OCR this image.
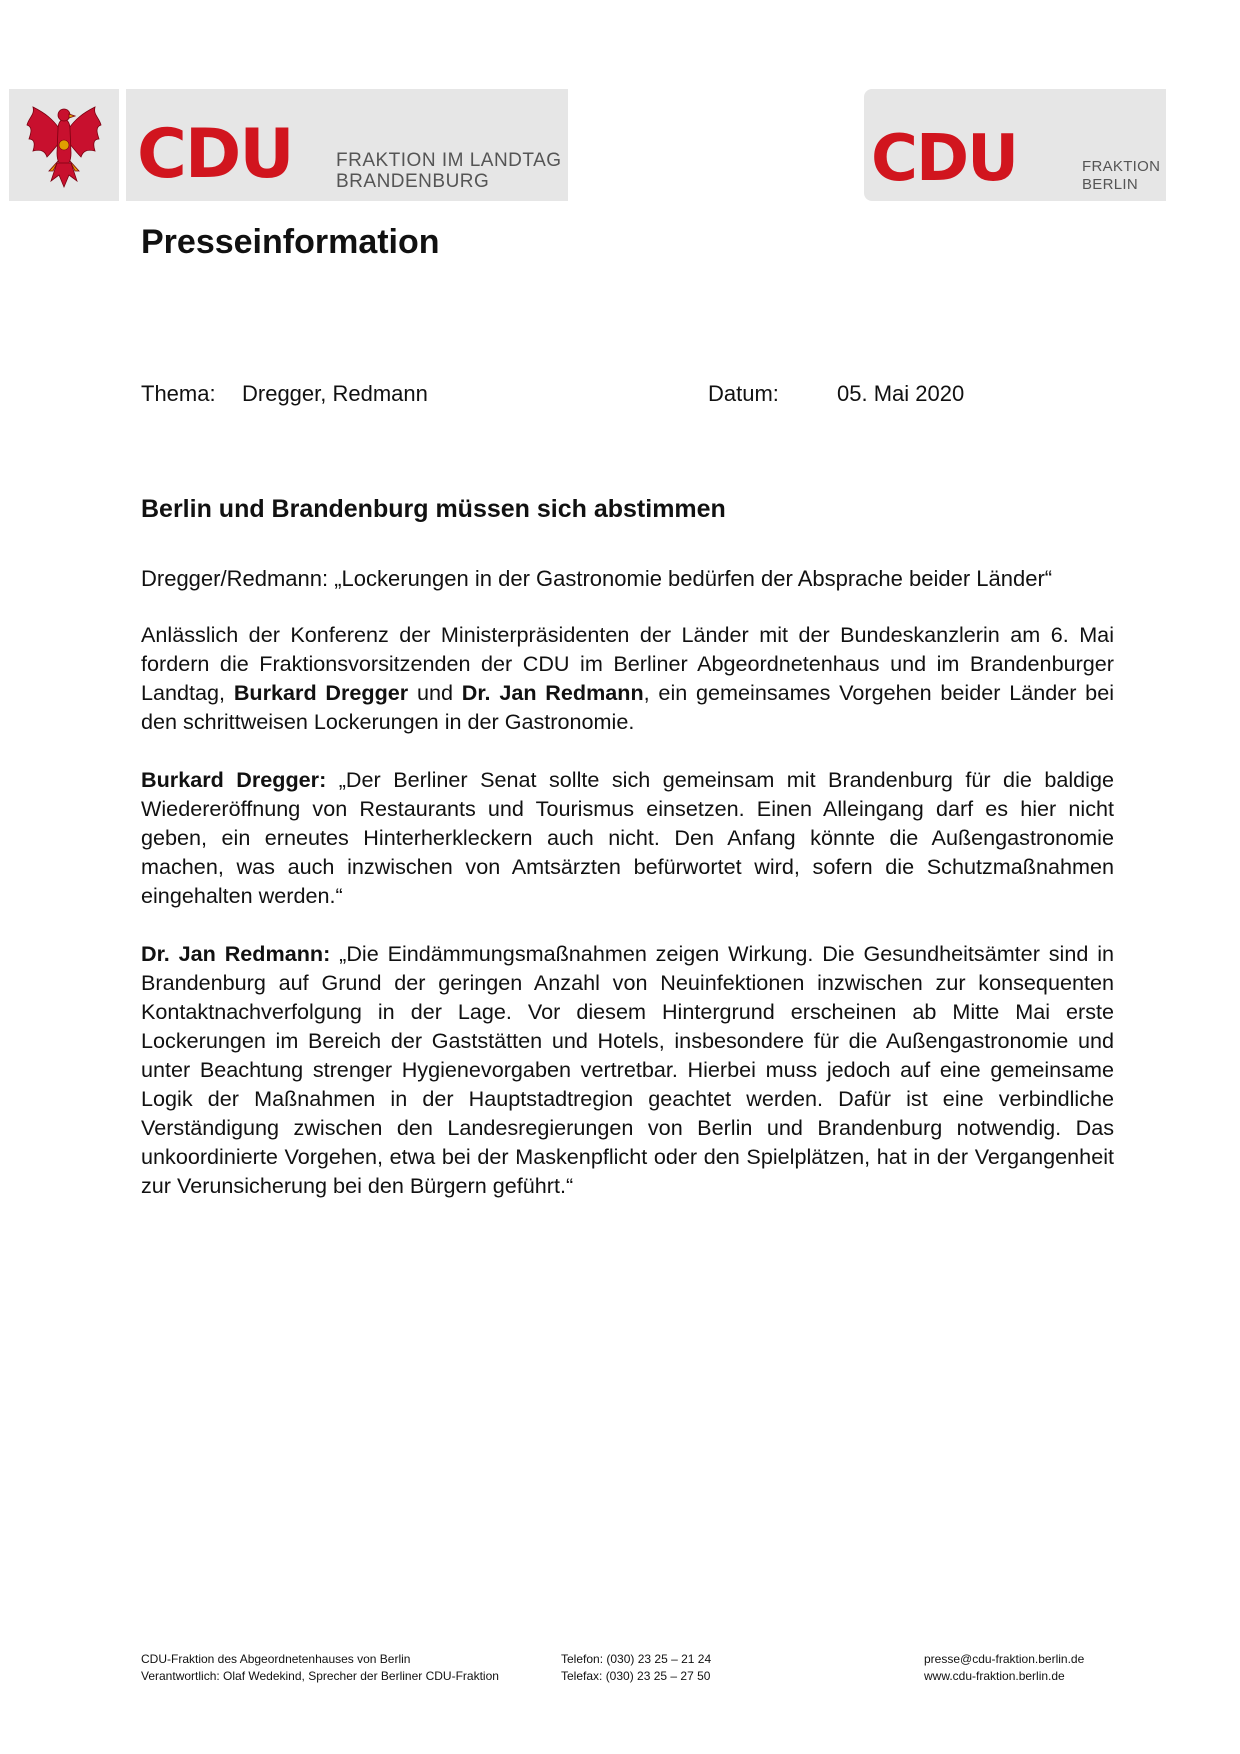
CDU FRAKTION IM LANDTAG
BRANDENBURG	CDU	FRAKTION
BERLIN
Presseinformation
Thema: Dregger, Redmann	Datum:	05. Mai 2020
Berlin und Brandenburg müssen sich abstimmen

Dregger/Redmann: „Lockerungen in der Gastronomie bedürfen der Absprache beider Länder“

Anlässlich der Konferenz der Ministerpräsidenten der Länder mit der Bundeskanzlerin am 6. Mai fordern die Fraktionsvorsitzenden der CDU im Berliner Abgeordnetenhaus und im Brandenburger Landtag, Burkard Dregger und Dr. Jan Redmann, ein gemeinsames Vorgehen beider Länder bei den schrittweisen Lockerungen in der Gastronomie.

Burkard Dregger: „Der Berliner Senat sollte sich gemeinsam mit Brandenburg für die baldige Wiedereröffnung von Restaurants und Tourismus einsetzen. Einen Alleingang darf es hier nicht geben, ein erneutes Hinterherkleckern auch nicht. Den Anfang könnte die Außengastronomie machen, was auch inzwischen von Amtsärzten befürwortet wird, sofern die Schutzmaßnahmen eingehalten werden.“

Dr. Jan Redmann: „Die Eindämmungsmaßnahmen zeigen Wirkung. Die Gesundheitsämter sind in Brandenburg auf Grund der geringen Anzahl von Neuinfektionen inzwischen zur konsequenten Kontaktnachverfolgung in der Lage. Vor diesem Hintergrund erscheinen ab Mitte Mai erste Lockerungen im Bereich der Gaststätten und Hotels, insbesondere für die Außengastronomie und unter Beachtung strenger Hygienevorgaben vertretbar. Hierbei muss jedoch auf eine gemeinsame Logik der Maßnahmen in der Hauptstadtregion geachtet werden. Dafür ist eine verbindliche Verständigung zwischen den Landesregierungen von Berlin und Brandenburg notwendig. Das unkoordinierte Vorgehen, etwa bei der Maskenpflicht oder den Spielplätzen, hat in der Vergangenheit zur Verunsicherung bei den Bürgern geführt.“

CDU-Fraktion des Abgeordnetenhauses von Berlin
Verantwortlich: Olaf Wedekind, Sprecher der Berliner CDU-Fraktion
Telefon: (030) 23 25 – 21 24
Telefax: (030) 23 25 – 27 50
presse@cdu-fraktion.berlin.de
www.cdu-fraktion.berlin.de
